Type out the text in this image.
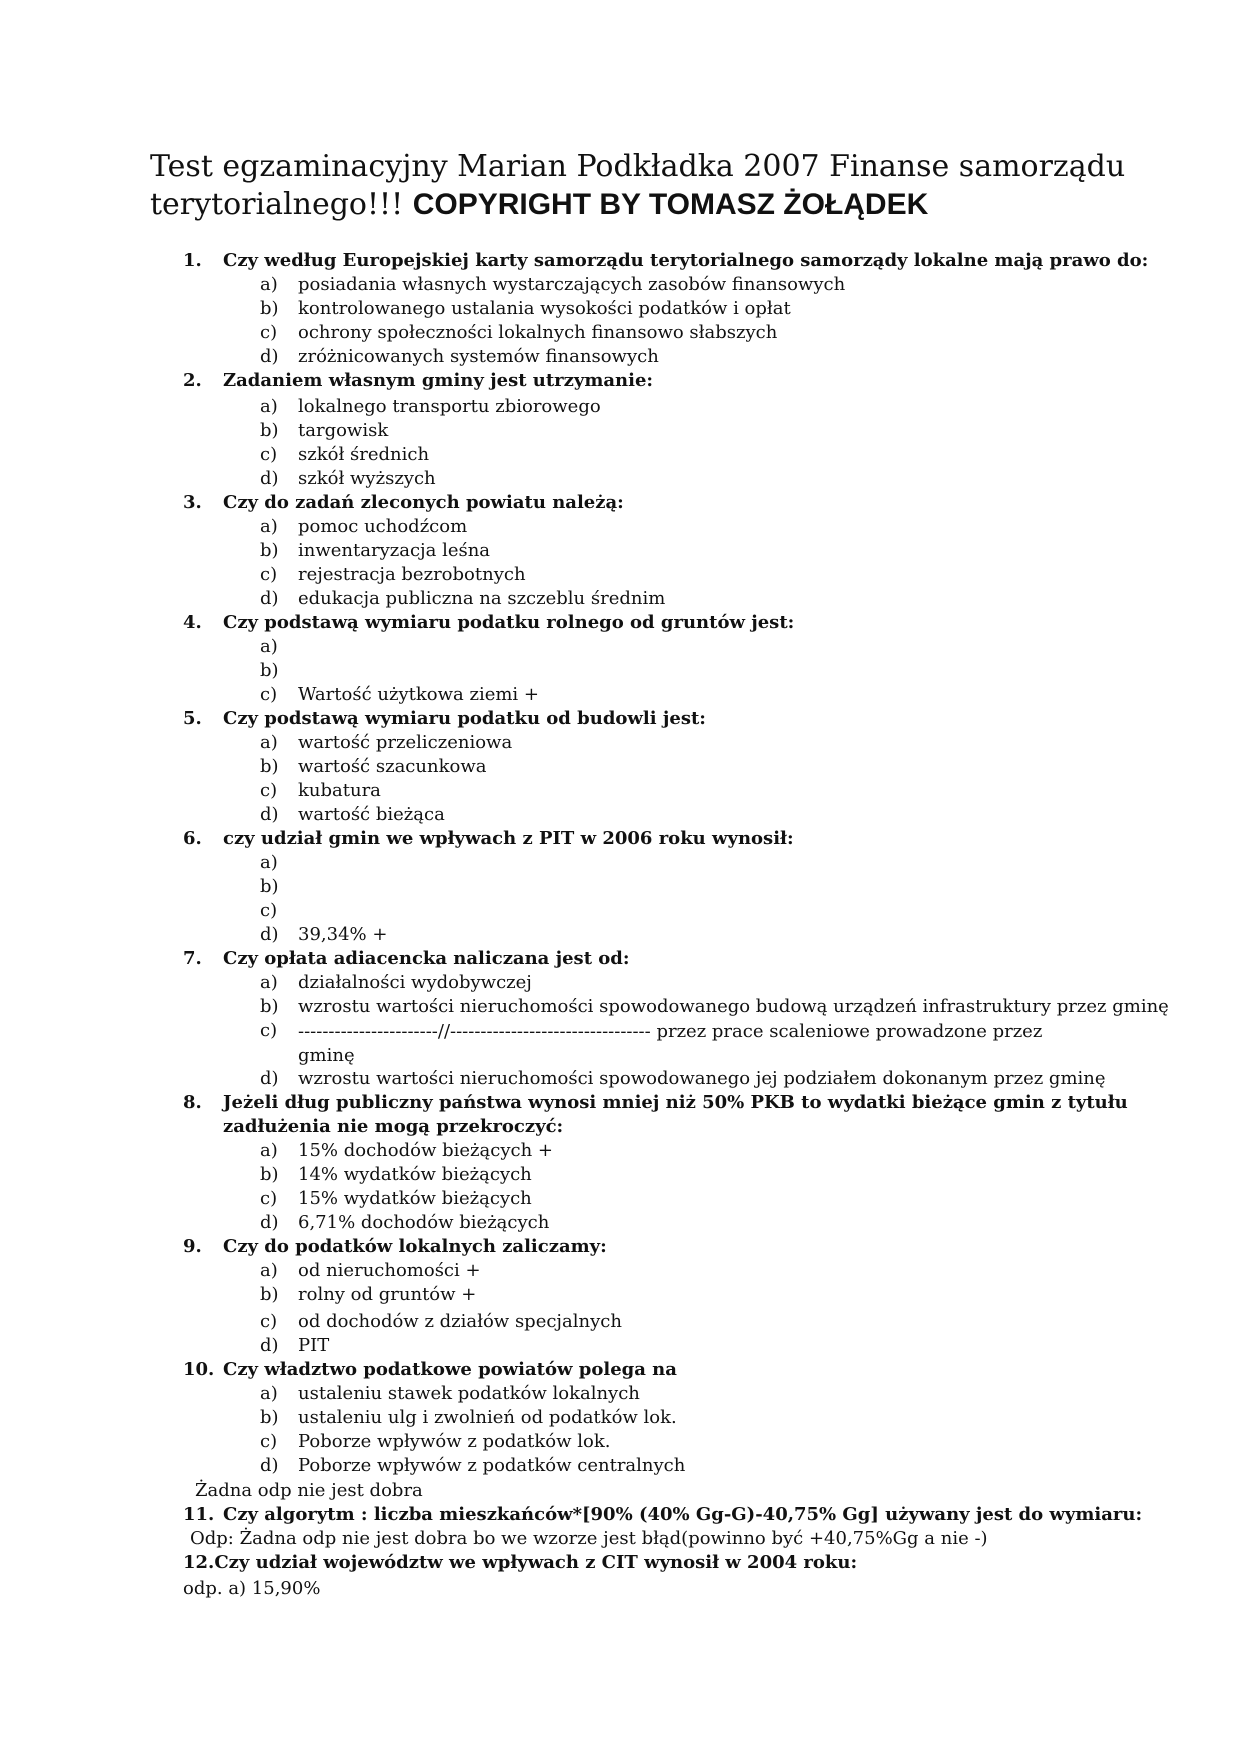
Test egzaminacyjny Marian Podkładka 2007 Finanse samorządu terytorialnego!!! COPYRIGHT BY TOMASZ ŻOŁĄDEK
1. Czy według Europejskiej karty samorządu terytorialnego samorządy lokalne mają prawo do:
a) posiadania własnych wystarczających zasobów finansowych
b) kontrolowanego ustalania wysokości podatków i opłat
c) ochrony społeczności lokalnych finansowo słabszych
d) zróżnicowanych systemów finansowych
2. Zadaniem własnym gminy jest utrzymanie:
a) lokalnego transportu zbiorowego
b) targowisk
c) szkół średnich
d) szkół wyższych
3. Czy do zadań zleconych powiatu należą:
a) pomoc uchodźcom
b) inwentaryzacja leśna
c) rejestracja bezrobotnych
d) edukacja publiczna na szczeblu średnim
4. Czy podstawą wymiaru podatku rolnego od gruntów jest:
a)
b)
c) Wartość użytkowa ziemi +
5. Czy podstawą wymiaru podatku od budowli jest:
a) wartość przeliczeniowa
b) wartość szacunkowa
c) kubatura
d) wartość bieżąca
6. czy udział gmin we wpływach z PIT w 2006 roku wynosił:
a)
b)
c)
d) 39,34% +
7. Czy opłata adiacencka naliczana jest od:
a) działalności wydobywczej
b) wzrostu wartości nieruchomości spowodowanego budową urządzeń infrastruktury przez gminę
c)	-----------------------//--------------------------------- przez prace scaleniowe prowadzone przez gminę
d) wzrostu wartości nieruchomości spowodowanego jej podziałem dokonanym przez gminę
8. Jeżeli dług publiczny państwa wynosi mniej niż 50% PKB to wydatki bieżące gmin z tytułu
zadłużenia nie mogą przekroczyć:
a) 15% dochodów bieżących +
b) 14% wydatków bieżących
c) 15% wydatków bieżących
d) 6,71% dochodów bieżących
9. Czy do podatków lokalnych zaliczamy:
a) od nieruchomości +
b) rolny od gruntów +
c) od dochodów z działów specjalnych
d) PIT
10. Czy władztwo podatkowe powiatów polega na
a) ustaleniu stawek podatków lokalnych
b) ustaleniu ulg i zwolnień od podatków lok.
c) Poborze wpływów z podatków lok.
d) Poborze wpływów z podatków centralnych
Żadna odp nie jest dobra
11. Czy algorytm : liczba mieszkańców*[90% (40% Gg-G)-40,75% Gg] używany jest do wymiaru:
Odp: Żadna odp nie jest dobra bo we wzorze jest błąd(powinno być +40,75%Gg a nie -)
12.Czy udział województw we wpływach z CIT wynosił w 2004 roku:
odp. a) 15,90%
